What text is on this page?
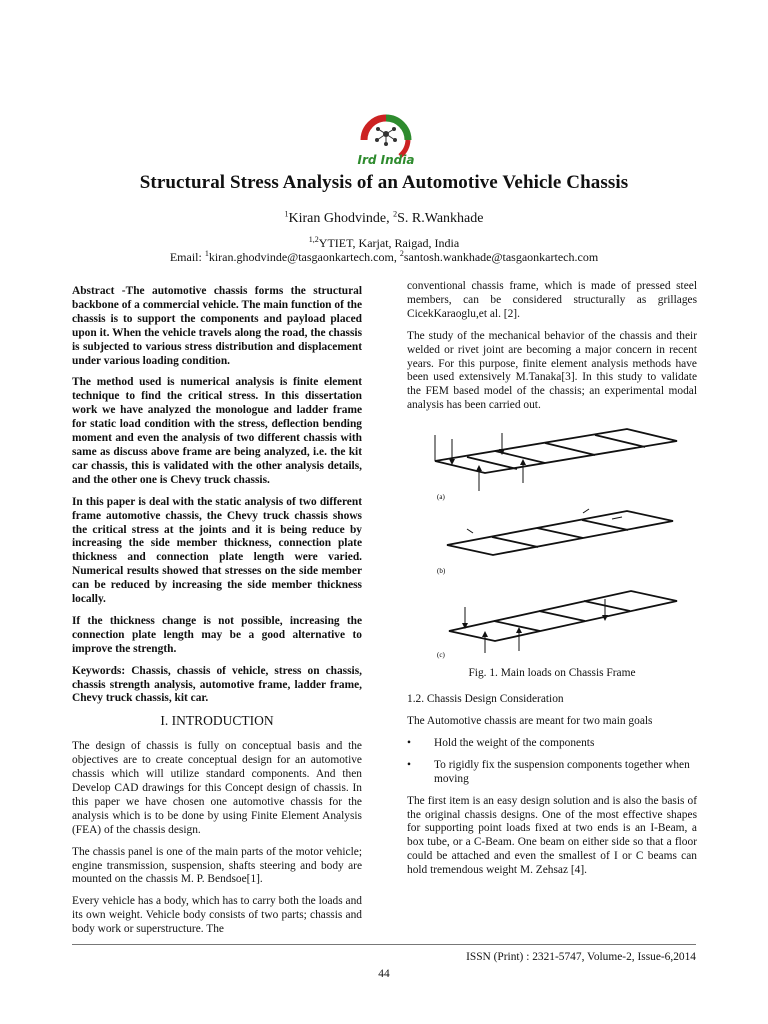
Ird India
Structural Stress Analysis of an Automotive Vehicle Chassis
$^1$Kiran Ghodvinde, $^2$S. R.Wankhade
$^{1,2}$YTIET, Karjat, Raigad, India
Email: $^1$kiran.ghodvinde@tasgaonkartech.com, $^2$santosh.wankhade@tasgaonkartech.com

Abstract -The automotive chassis forms the structural backbone of a commercial vehicle. The main function of the chassis is to support the components and payload placed upon it. When the vehicle travels along the road, the chassis is subjected to various stress distribution and displacement under various loading condition.

The method used is numerical analysis is finite element technique to find the critical stress. In this dissertation work we have analyzed the monologue and ladder frame for static load condition with the stress, deflection bending moment and even the analysis of two different chassis with same as discuss above frame are being analyzed, i.e. the kit car chassis, this is validated with the other analysis details, and the other one is Chevy truck chassis.

In this paper is deal with the static analysis of two different frame automotive chassis, the Chevy truck chassis shows the critical stress at the joints and it is being reduce by increasing the side member thickness, connection plate thickness and connection plate length were varied. Numerical results showed that stresses on the side member can be reduced by increasing the side member thickness locally.

If the thickness change is not possible, increasing the connection plate length may be a good alternative to improve the strength.

Keywords: Chassis, chassis of vehicle, stress on chassis, chassis strength analysis, automotive frame, ladder frame, Chevy truck chassis, kit car.

I. INTRODUCTION

The design of chassis is fully on conceptual basis and the objectives are to create conceptual design for an automotive chassis which will utilize standard components. And then Develop CAD drawings for this Concept design of chassis. In this paper we have chosen one automotive chassis for the analysis which is to be done by using Finite Element Analysis (FEA) of the chassis design.

The chassis panel is one of the main parts of the motor vehicle; engine transmission, suspension, shafts steering and body are mounted on the chassis M. P. Bendsoe[1].

Every vehicle has a body, which has to carry both the loads and its own weight. Vehicle body consists of two parts; chassis and body work or superstructure. The

conventional chassis frame, which is made of pressed steel members, can be considered structurally as grillages CicekKaraoglu,et al. [2].

The study of the mechanical behavior of the chassis and their welded or rivet joint are becoming a major concern in recent years. For this purpose, finite element analysis methods have been used extensively M.Tanaka[3]. In this study to validate the FEM based model of the chassis; an experimental modal analysis has been carried out.

(a)
(b)
(c)
Fig. 1. Main loads on Chassis Frame

1.2. Chassis Design Consideration

The Automotive chassis are meant for two main goals

• Hold the weight of the components
• To rigidly fix the suspension components together when moving

The first item is an easy design solution and is also the basis of the original chassis designs. One of the most effective shapes for supporting point loads fixed at two ends is an I-Beam, a box tube, or a C-Beam. One beam on either side so that a floor could be attached and even the smallest of I or C beams can hold tremendous weight M. Zehsaz [4].

ISSN (Print) : 2321-5747, Volume-2, Issue-6,2014
44
